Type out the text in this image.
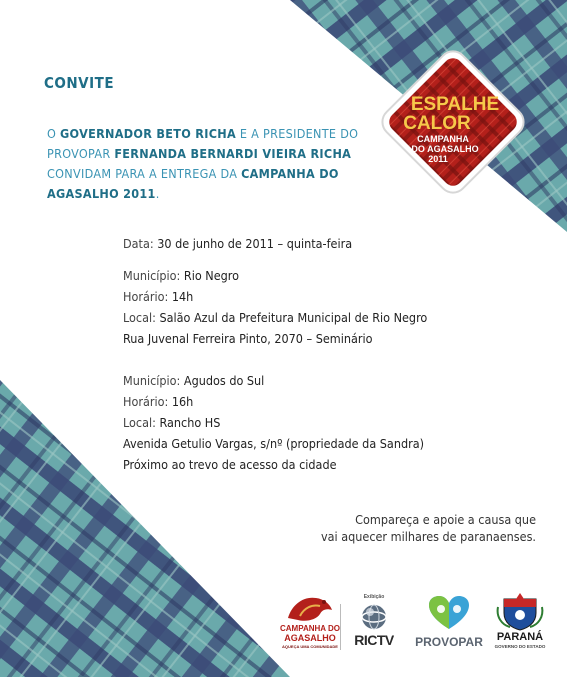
ESPALHE
CALOR
CAMPANHA
DO AGASALHO
2011
CONVITE
O GOVERNADOR BETO RICHA E A PRESIDENTE DO PROVOPAR FERNANDA BERNARDI VIEIRA RICHA CONVIDAM PARA A ENTREGA DA CAMPANHA DO AGASALHO 2011.
Data: 30 de junho de 2011 – quinta-feira
Município: Rio Negro
Horário: 14h
Local: Salão Azul da Prefeitura Municipal de Rio Negro
Rua Juvenal Ferreira Pinto, 2070 – Seminário
Município: Agudos do Sul
Horário: 16h
Local: Rancho HS
Avenida Getulio Vargas, s/nº (propriedade da Sandra)
Próximo ao trevo de acesso da cidade
Compareça e apoie a causa que
vai aquecer milhares de paranaenses.
CAMPANHA DO
AGASALHO
AQUEÇA UMA COMUNIDADE
Exibição
RICTV	PROVOPAR	PARANÁ
GOVERNO DO ESTADO
